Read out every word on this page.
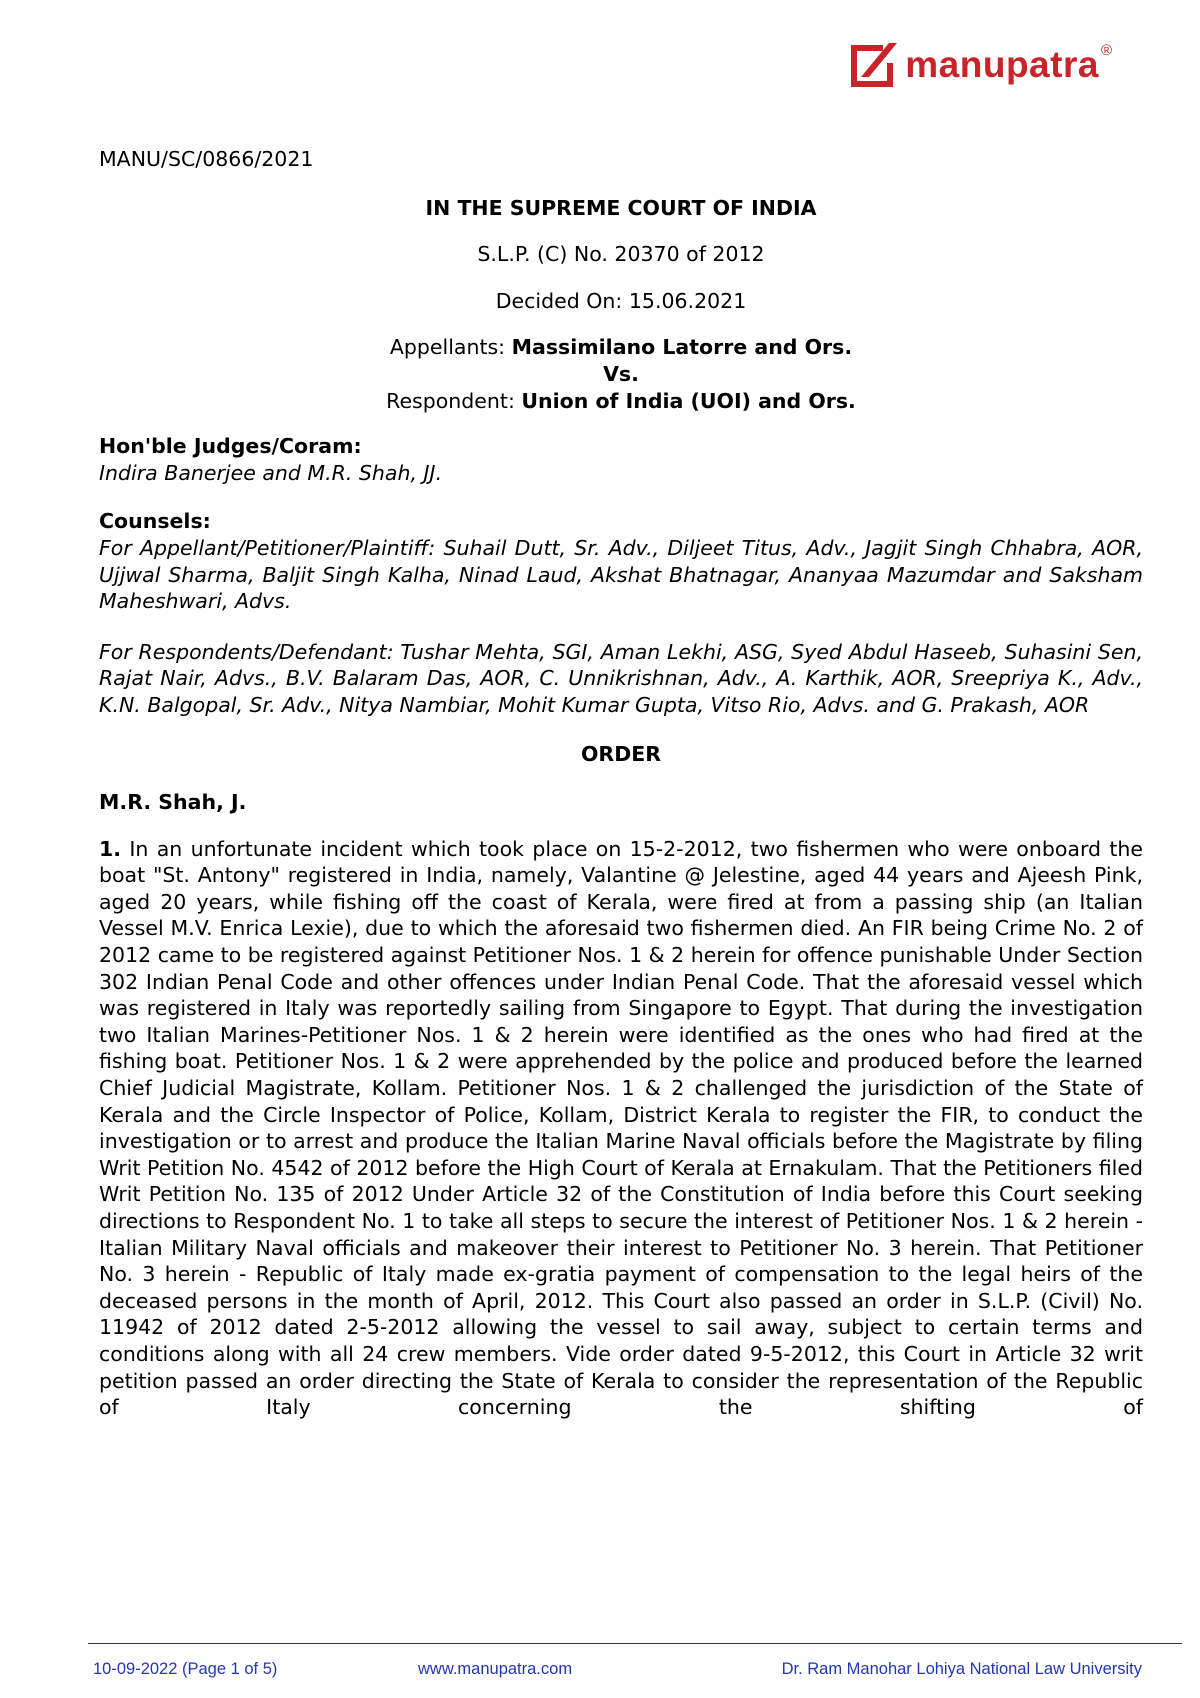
manupatra ®

MANU/SC/0866/2021

IN THE SUPREME COURT OF INDIA

S.L.P. (C) No. 20370 of 2012

Decided On: 15.06.2021

Appellants: Massimilano Latorre and Ors.
Vs.
Respondent: Union of India (UOI) and Ors.

Hon'ble Judges/Coram:

Indira Banerjee and M.R. Shah, JJ.

Counsels:

For Appellant/Petitioner/Plaintiff: Suhail Dutt, Sr. Adv., Diljeet Titus, Adv., Jagjit Singh Chhabra, AOR, Ujjwal Sharma, Baljit Singh Kalha, Ninad Laud, Akshat Bhatnagar, Ananyaa Mazumdar and Saksham Maheshwari, Advs.

For Respondents/Defendant: Tushar Mehta, SGI, Aman Lekhi, ASG, Syed Abdul Haseeb, Suhasini Sen, Rajat Nair, Advs., B.V. Balaram Das, AOR, C. Unnikrishnan, Adv., A. Karthik, AOR, Sreepriya K., Adv., K.N. Balgopal, Sr. Adv., Nitya Nambiar, Mohit Kumar Gupta, Vitso Rio, Advs. and G. Prakash, AOR

ORDER

M.R. Shah, J.

1. In an unfortunate incident which took place on 15-2-2012, two fishermen who were onboard the boat "St. Antony" registered in India, namely, Valantine @ Jelestine, aged 44 years and Ajeesh Pink, aged 20 years, while fishing off the coast of Kerala, were fired at from a passing ship (an Italian Vessel M.V. Enrica Lexie), due to which the aforesaid two fishermen died. An FIR being Crime No. 2 of 2012 came to be registered against Petitioner Nos. 1 & 2 herein for offence punishable Under Section 302 Indian Penal Code and other offences under Indian Penal Code. That the aforesaid vessel which was registered in Italy was reportedly sailing from Singapore to Egypt. That during the investigation two Italian Marines-Petitioner Nos. 1 & 2 herein were identified as the ones who had fired at the fishing boat. Petitioner Nos. 1 & 2 were apprehended by the police and produced before the learned Chief Judicial Magistrate, Kollam. Petitioner Nos. 1 & 2 challenged the jurisdiction of the State of Kerala and the Circle Inspector of Police, Kollam, District Kerala to register the FIR, to conduct the investigation or to arrest and produce the Italian Marine Naval officials before the Magistrate by filing Writ Petition No. 4542 of 2012 before the High Court of Kerala at Ernakulam. That the Petitioners filed Writ Petition No. 135 of 2012 Under Article 32 of the Constitution of India before this Court seeking directions to Respondent No. 1 to take all steps to secure the interest of Petitioner Nos. 1 & 2 herein - Italian Military Naval officials and makeover their interest to Petitioner No. 3 herein. That Petitioner No. 3 herein - Republic of Italy made ex-gratia payment of compensation to the legal heirs of the deceased persons in the month of April, 2012. This Court also passed an order in S.L.P. (Civil) No. 11942 of 2012 dated 2-5-2012 allowing the vessel to sail away, subject to certain terms and conditions along with all 24 crew members. Vide order dated 9-5-2012, this Court in Article 32 writ petition passed an order directing the State of Kerala to consider the representation of the Republic of Italy concerning the shifting of

10-09-2022 (Page 1 of 5)	www.manupatra.com	Dr. Ram Manohar Lohiya National Law University
